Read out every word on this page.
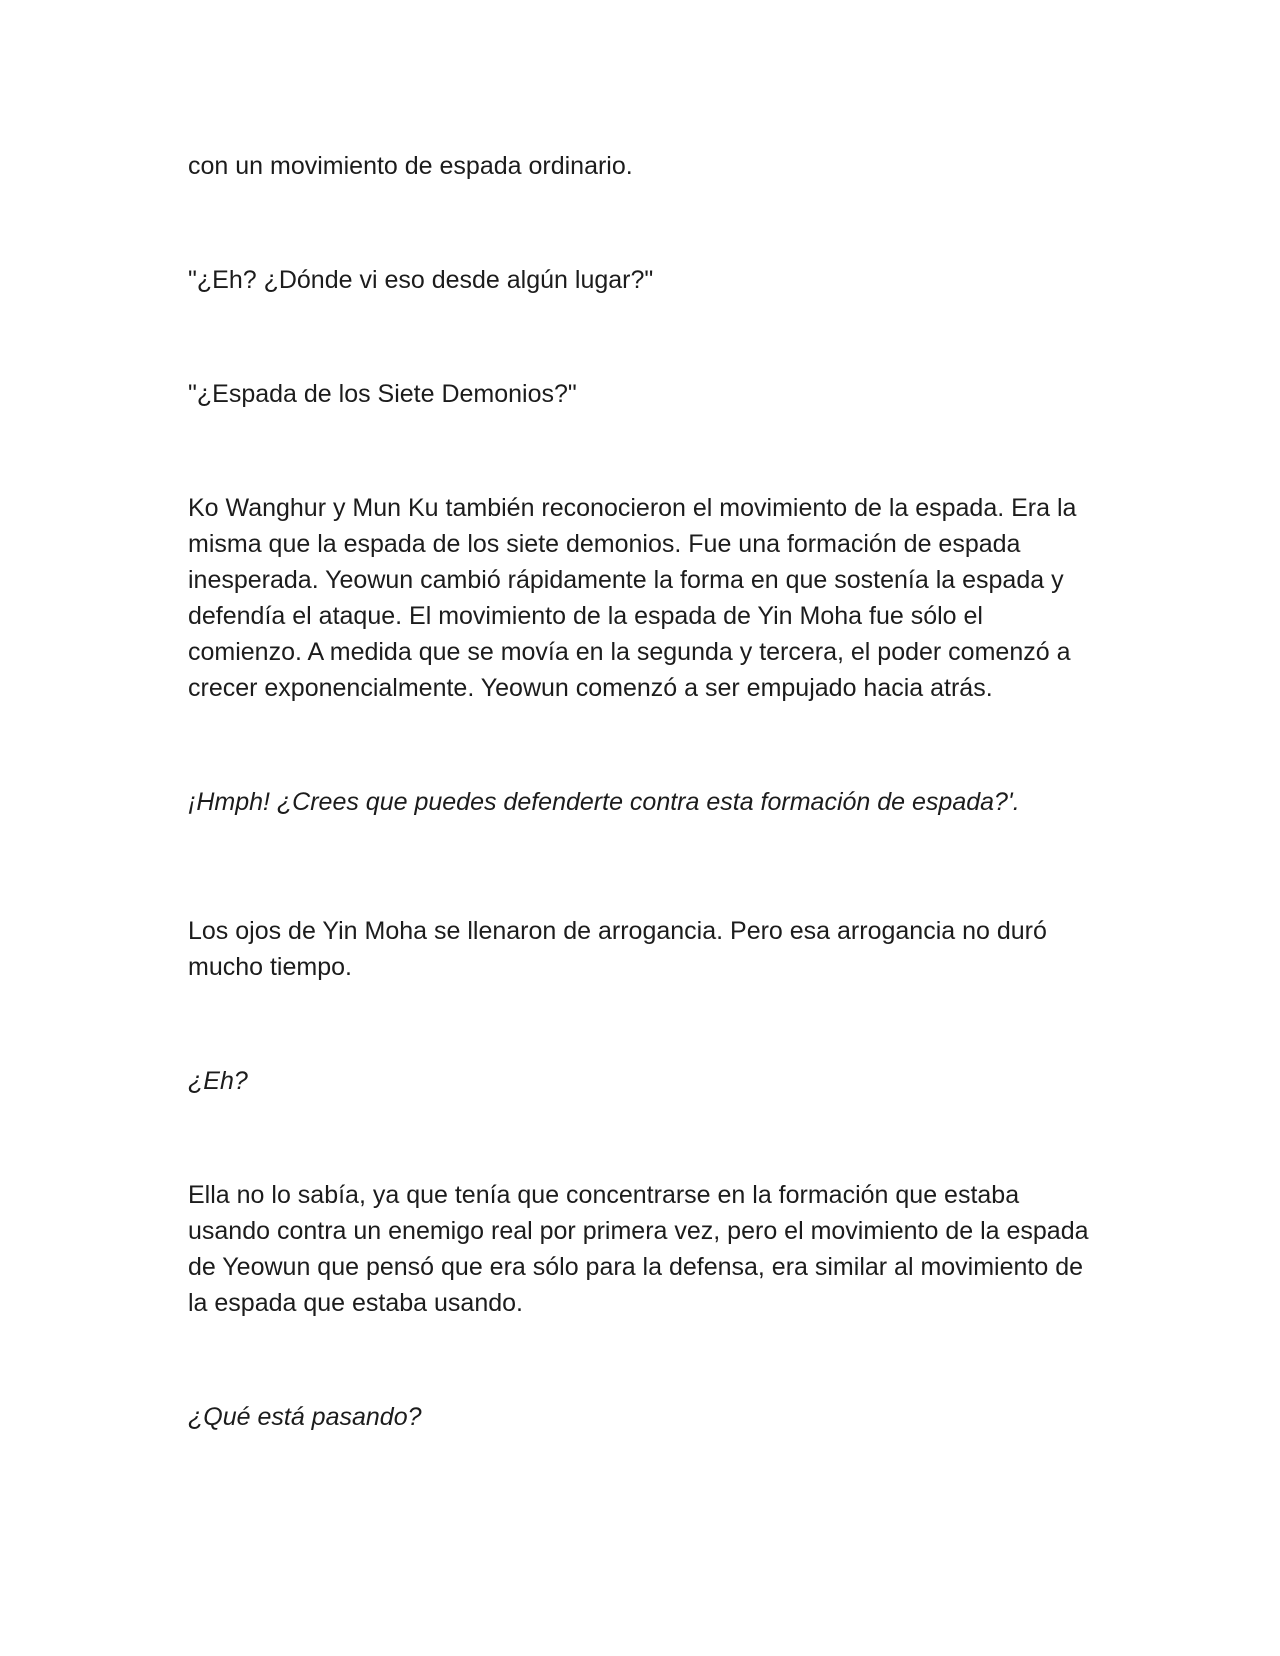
con un movimiento de espada ordinario.

"¿Eh? ¿Dónde vi eso desde algún lugar?"

"¿Espada de los Siete Demonios?"

Ko Wanghur y Mun Ku también reconocieron el movimiento de la espada. Era la misma que la espada de los siete demonios. Fue una formación de espada inesperada. Yeowun cambió rápidamente la forma en que sostenía la espada y defendía el ataque. El movimiento de la espada de Yin Moha fue sólo el comienzo. A medida que se movía en la segunda y tercera, el poder comenzó a crecer exponencialmente. Yeowun comenzó a ser empujado hacia atrás.

¡Hmph! ¿Crees que puedes defenderte contra esta formación de espada?'.

Los ojos de Yin Moha se llenaron de arrogancia. Pero esa arrogancia no duró mucho tiempo.

¿Eh?

Ella no lo sabía, ya que tenía que concentrarse en la formación que estaba usando contra un enemigo real por primera vez, pero el movimiento de la espada de Yeowun que pensó que era sólo para la defensa, era similar al movimiento de la espada que estaba usando.

¿Qué está pasando?
